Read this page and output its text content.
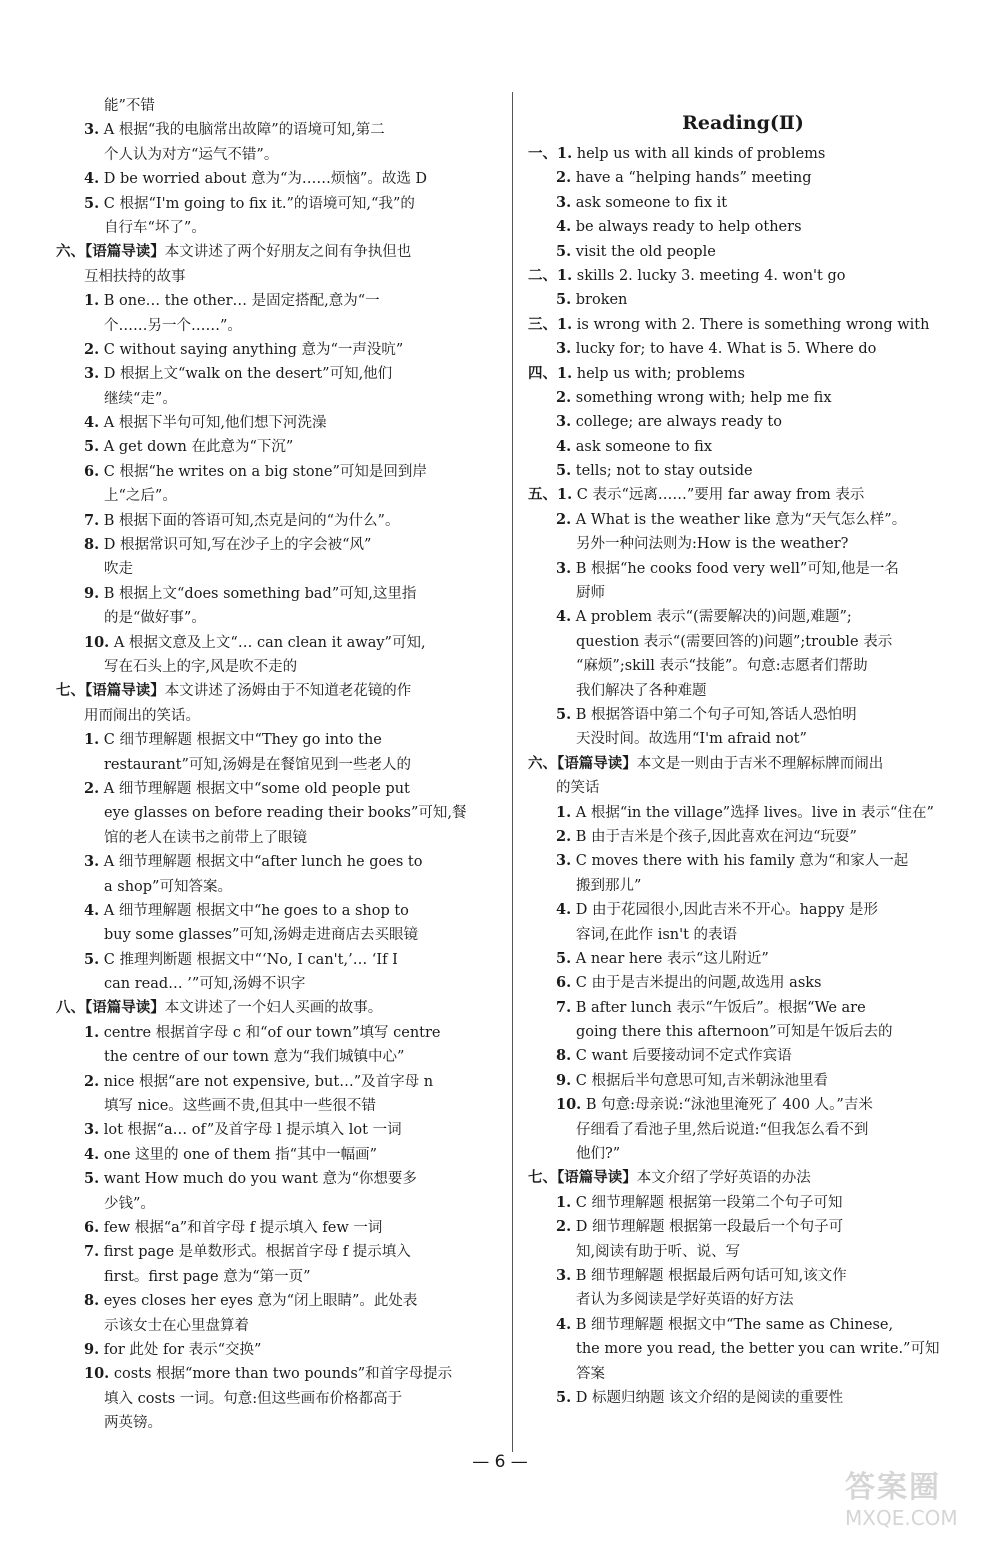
能”不错
3. A 根据“我的电脑常出故障”的语境可知,第二
个人认为对方“运气不错”。
4. D be worried about 意为“为……烦恼”。故选 D
5. C 根据“I'm going to fix it.”的语境可知,“我”的
自行车“坏了”。
六、【语篇导读】本文讲述了两个好朋友之间有争执但也
互相扶持的故事
1. B one… the other… 是固定搭配,意为“一
个……另一个……”。
2. C without saying anything 意为“一声没吭”
3. D 根据上文“walk on the desert”可知,他们
继续“走”。
4. A 根据下半句可知,他们想下河洗澡
5. A get down 在此意为“下沉”
6. C 根据“he writes on a big stone”可知是回到岸
上“之后”。
7. B 根据下面的答语可知,杰克是问的“为什么”。
8. D 根据常识可知,写在沙子上的字会被“风”
吹走
9. B 根据上文“does something bad”可知,这里指
的是“做好事”。
10. A 根据文意及上文“… can clean it away”可知,
写在石头上的字,风是吹不走的
七、【语篇导读】本文讲述了汤姆由于不知道老花镜的作
用而闹出的笑话。
1. C 细节理解题 根据文中“They go into the
restaurant”可知,汤姆是在餐馆见到一些老人的
2. A 细节理解题 根据文中“some old people put
eye glasses on before reading their books”可知,餐
馆的老人在读书之前带上了眼镜
3. A 细节理解题 根据文中“after lunch he goes to
a shop”可知答案。
4. A 细节理解题 根据文中“he goes to a shop to
buy some glasses”可知,汤姆走进商店去买眼镜
5. C 推理判断题 根据文中“‘No, I can't,’… ‘If I
can read… ’”可知,汤姆不识字
八、【语篇导读】本文讲述了一个妇人买画的故事。
1. centre 根据首字母 c 和“of our town”填写 centre
the centre of our town 意为“我们城镇中心”
2. nice 根据“are not expensive, but…”及首字母 n
填写 nice。这些画不贵,但其中一些很不错
3. lot 根据“a… of”及首字母 l 提示填入 lot 一词
4. one 这里的 one of them 指“其中一幅画”
5. want How much do you want 意为“你想要多
少钱”。
6. few 根据“a”和首字母 f 提示填入 few 一词
7. first page 是单数形式。根据首字母 f 提示填入
first。first page 意为“第一页”
8. eyes closes her eyes 意为“闭上眼睛”。此处表
示该女士在心里盘算着
9. for 此处 for 表示“交换”
10. costs 根据“more than two pounds”和首字母提示
填入 costs 一词。句意:但这些画布价格都高于
两英镑。
Reading(Ⅱ)
一、1. help us with all kinds of problems
2. have a “helping hands” meeting
3. ask someone to fix it
4. be always ready to help others
5. visit the old people
二、1. skills 2. lucky 3. meeting 4. won't go
5. broken
三、1. is wrong with 2. There is something wrong with
3. lucky for; to have 4. What is 5. Where do
四、1. help us with; problems
2. something wrong with; help me fix
3. college; are always ready to
4. ask someone to fix
5. tells; not to stay outside
五、1. C 表示“远离……”要用 far away from 表示
2. A What is the weather like 意为“天气怎么样”。
另外一种问法则为:How is the weather?
3. B 根据“he cooks food very well”可知,他是一名
厨师
4. A problem 表示“(需要解决的)问题,难题”;
question 表示“(需要回答的)问题”;trouble 表示
“麻烦”;skill 表示“技能”。句意:志愿者们帮助
我们解决了各种难题
5. B 根据答语中第二个句子可知,答话人恐怕明
天没时间。故选用“I'm afraid not”
六、【语篇导读】本文是一则由于吉米不理解标牌而闹出
的笑话
1. A 根据“in the village”选择 lives。live in 表示“住在”
2. B 由于吉米是个孩子,因此喜欢在河边“玩耍”
3. C moves there with his family 意为“和家人一起
搬到那儿”
4. D 由于花园很小,因此吉米不开心。happy 是形
容词,在此作 isn't 的表语
5. A near here 表示“这儿附近”
6. C 由于是吉米提出的问题,故选用 asks
7. B after lunch 表示“午饭后”。根据“We are
going there this afternoon”可知是午饭后去的
8. C want 后要接动词不定式作宾语
9. C 根据后半句意思可知,吉米朝泳池里看
10. B 句意:母亲说:“泳池里淹死了 400 人。”吉米
仔细看了看池子里,然后说道:“但我怎么看不到
他们?”
七、【语篇导读】本文介绍了学好英语的办法
1. C 细节理解题 根据第一段第二个句子可知
2. D 细节理解题 根据第一段最后一个句子可
知,阅读有助于听、说、写
3. B 细节理解题 根据最后两句话可知,该文作
者认为多阅读是学好英语的好方法
4. B 细节理解题 根据文中“The same as Chinese,
the more you read, the better you can write.”可知
答案
5. D 标题归纳题 该文介绍的是阅读的重要性
— 6 —
答案圈
MXQE.COM
